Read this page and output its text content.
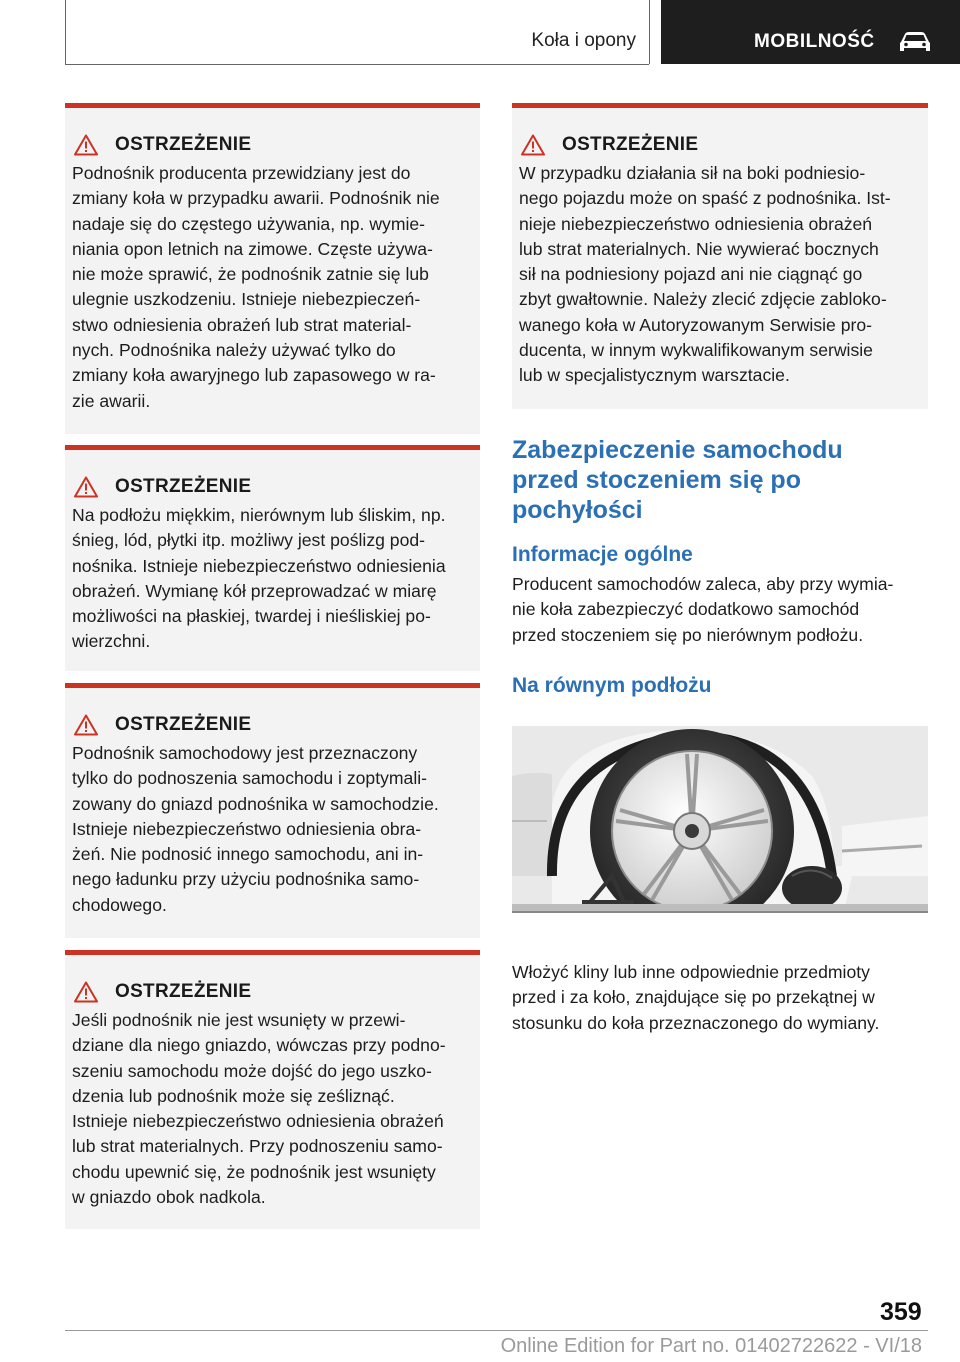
Koła i opony	MOBILNOŚĆ
OSTRZEŻENIE
Podnośnik producenta przewidziany jest do
zmiany koła w przypadku awarii. Podnośnik nie
nadaje się do częstego używania, np. wymie-
niania opon letnich na zimowe. Częste używa-
nie może sprawić, że podnośnik zatnie się lub
ulegnie uszkodzeniu. Istnieje niebezpieczeń-
stwo odniesienia obrażeń lub strat material-
nych. Podnośnika należy używać tylko do
zmiany koła awaryjnego lub zapasowego w ra-
zie awarii.
OSTRZEŻENIE
Na podłożu miękkim, nierównym lub śliskim, np.
śnieg, lód, płytki itp. możliwy jest poślizg pod-
nośnika. Istnieje niebezpieczeństwo odniesienia
obrażeń. Wymianę kół przeprowadzać w miarę
możliwości na płaskiej, twardej i nieśliskiej po-
wierzchni.
OSTRZEŻENIE
Podnośnik samochodowy jest przeznaczony
tylko do podnoszenia samochodu i zoptymali-
zowany do gniazd podnośnika w samochodzie.
Istnieje niebezpieczeństwo odniesienia obra-
żeń. Nie podnosić innego samochodu, ani in-
nego ładunku przy użyciu podnośnika samo-
chodowego.
OSTRZEŻENIE
Jeśli podnośnik nie jest wsunięty w przewi-
dziane dla niego gniazdo, wówczas przy podno-
szeniu samochodu może dojść do jego uszko-
dzenia lub podnośnik może się ześliznąć.
Istnieje niebezpieczeństwo odniesienia obrażeń
lub strat materialnych. Przy podnoszeniu samo-
chodu upewnić się, że podnośnik jest wsunięty
w gniazdo obok nadkola.
OSTRZEŻENIE
W przypadku działania sił na boki podniesio-
nego pojazdu może on spaść z podnośnika. Ist-
nieje niebezpieczeństwo odniesienia obrażeń
lub strat materialnych. Nie wywierać bocznych
sił na podniesiony pojazd ani nie ciągnąć go
zbyt gwałtownie. Należy zlecić zdjęcie zabloko-
wanego koła w Autoryzowanym Serwisie pro-
ducenta, w innym wykwalifikowanym serwisie
lub w specjalistycznym warsztacie.
Zabezpieczenie samochodu
przed stoczeniem się po
pochyłości
Informacje ogólne
Producent samochodów zaleca, aby przy wymia-
nie koła zabezpieczyć dodatkowo samochód
przed stoczeniem się po nierównym podłożu.
Na równym podłożu
Włożyć kliny lub inne odpowiednie przedmioty
przed i za koło, znajdujące się po przekątnej w
stosunku do koła przeznaczonego do wymiany.
359
Online Edition for Part no. 01402722622 - VI/18
